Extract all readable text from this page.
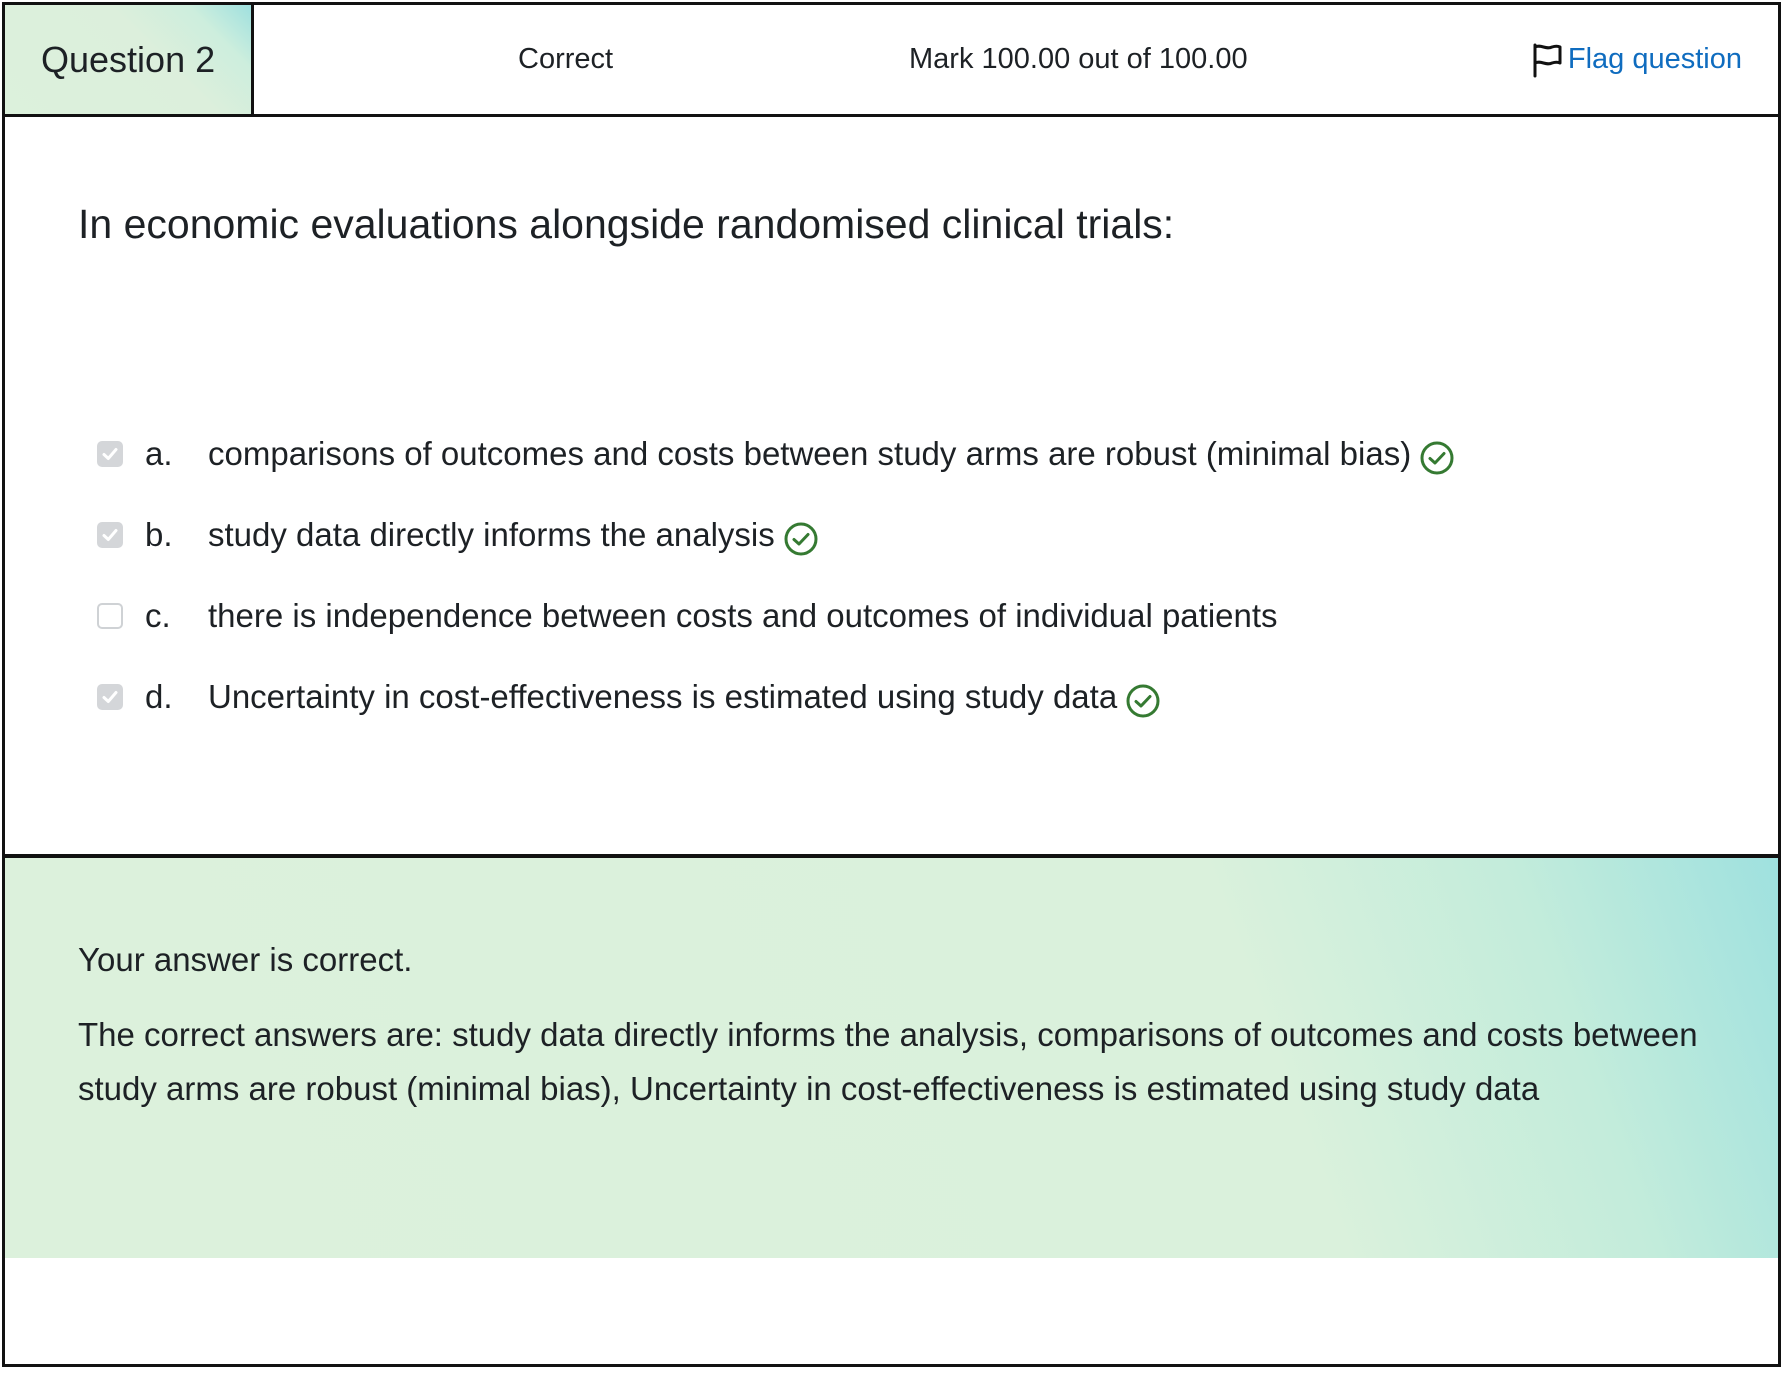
Question 2	Correct	Mark 100.00 out of 100.00	Flag question
In economic evaluations alongside randomised clinical trials:
a.	comparisons of outcomes and costs between study arms are robust (minimal bias)
b.	study data directly informs the analysis
c.	there is independence between costs and outcomes of individual patients
d.	Uncertainty in cost-effectiveness is estimated using study data
Your answer is correct.
The correct answers are: study data directly informs the analysis, comparisons of outcomes and costs between study arms are robust (minimal bias), Uncertainty in cost-effectiveness is estimated using study data
